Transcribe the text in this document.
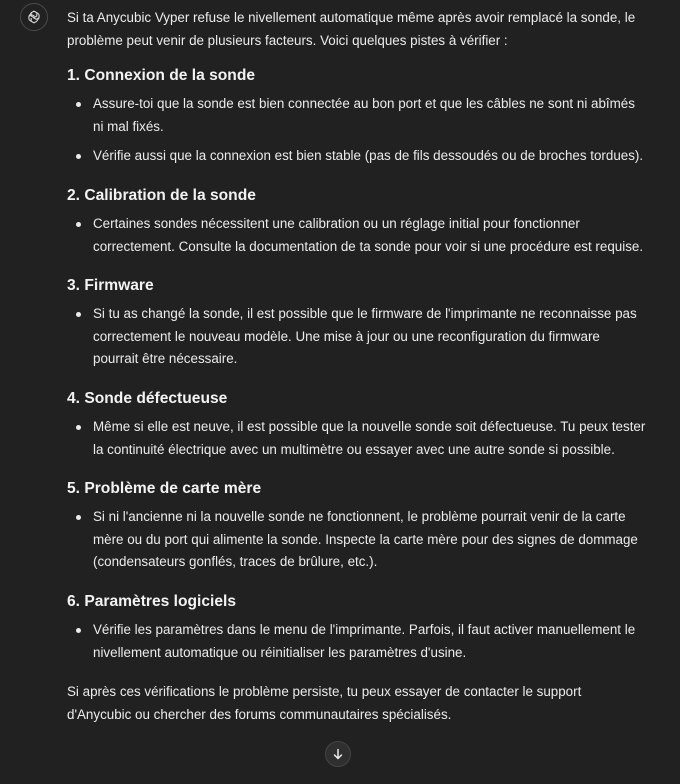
Si ta Anycubic Vyper refuse le nivellement automatique même après avoir remplacé la sonde, le problème peut venir de plusieurs facteurs. Voici quelques pistes à vérifier :

1. Connexion de la sonde
Assure-toi que la sonde est bien connectée au bon port et que les câbles ne sont ni abîmés ni mal fixés.
Vérifie aussi que la connexion est bien stable (pas de fils dessoudés ou de broches tordues).
2. Calibration de la sonde
Certaines sondes nécessitent une calibration ou un réglage initial pour fonctionner correctement. Consulte la documentation de ta sonde pour voir si une procédure est requise.
3. Firmware
Si tu as changé la sonde, il est possible que le firmware de l'imprimante ne reconnaisse pas correctement le nouveau modèle. Une mise à jour ou une reconfiguration du firmware pourrait être nécessaire.
4. Sonde défectueuse
Même si elle est neuve, il est possible que la nouvelle sonde soit défectueuse. Tu peux tester la continuité électrique avec un multimètre ou essayer avec une autre sonde si possible.
5. Problème de carte mère
Si ni l'ancienne ni la nouvelle sonde ne fonctionnent, le problème pourrait venir de la carte mère ou du port qui alimente la sonde. Inspecte la carte mère pour des signes de dommage (condensateurs gonflés, traces de brûlure, etc.).
6. Paramètres logiciels
Vérifie les paramètres dans le menu de l'imprimante. Parfois, il faut activer manuellement le nivellement automatique ou réinitialiser les paramètres d'usine.

Si après ces vérifications le problème persiste, tu peux essayer de contacter le support d'Anycubic ou chercher des forums communautaires spécialisés.
